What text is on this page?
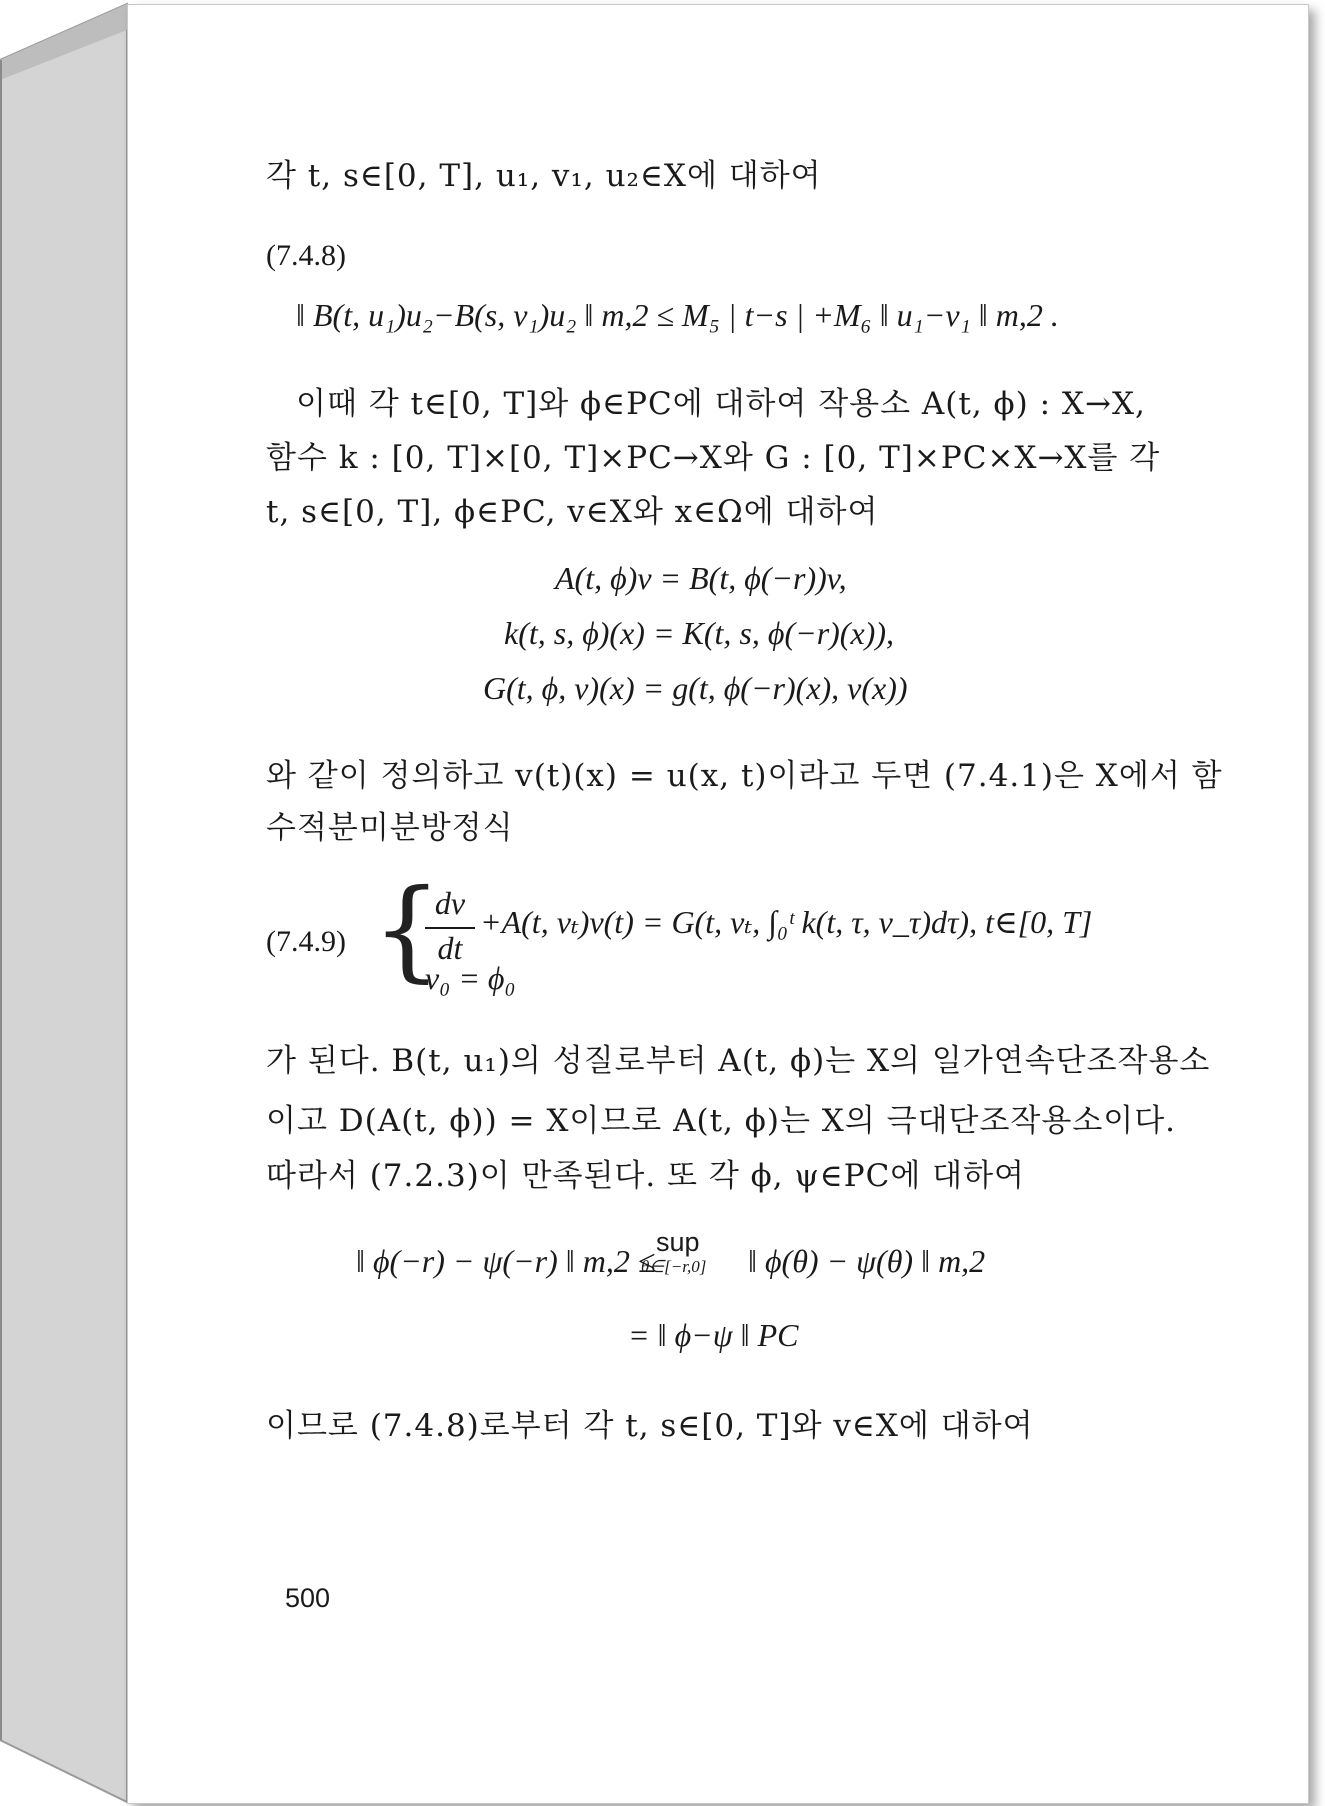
각 t, s∈[0, T], u₁, v₁, u₂∈X에 대하여
(7.4.8)
‖ B(t, u₁)u₂−B(s, v₁)u₂ ‖ m,2 ≤ M₅ | t−s | +M₆ ‖ u₁−v₁ ‖ m,2 .
이때 각 t∈[0, T]와 ϕ∈PC에 대하여 작용소 A(t, ϕ) : X→X,
함수 k : [0, T]×[0, T]×PC→X와 G : [0, T]×PC×X→X를 각
t, s∈[0, T], ϕ∈PC, v∈X와 x∈Ω에 대하여
A(t, ϕ)v = B(t, ϕ(−r))v,
k(t, s, ϕ)(x) = K(t, s, ϕ(−r)(x)),
G(t, ϕ, v)(x) = g(t, ϕ(−r)(x), v(x))
와 같이 정의하고 v(t)(x) = u(x, t)이라고 두면 (7.4.1)은 X에서 함
수적분미분방정식
(7.4.9) {
dv
dt
+A(t, vₜ)v(t) = G(t, vₜ, ∫₀ᵗ k(t, τ, v_τ)dτ), t∈[0, T]
v₀ = ϕ₀
가 된다. B(t, u₁)의 성질로부터 A(t, ϕ)는 X의 일가연속단조작용소
이고 D(A(t, ϕ)) = X이므로 A(t, ϕ)는 X의 극대단조작용소이다.
따라서 (7.2.3)이 만족된다. 또 각 ϕ, ψ∈PC에 대하여
‖ ϕ(−r) − ψ(−r) ‖ m,2 ≤
sup
θ∈[−r,0] ‖ ϕ(θ) − ψ(θ) ‖ m,2
= ‖ ϕ−ψ ‖ PC
이므로 (7.4.8)로부터 각 t, s∈[0, T]와 v∈X에 대하여
500
